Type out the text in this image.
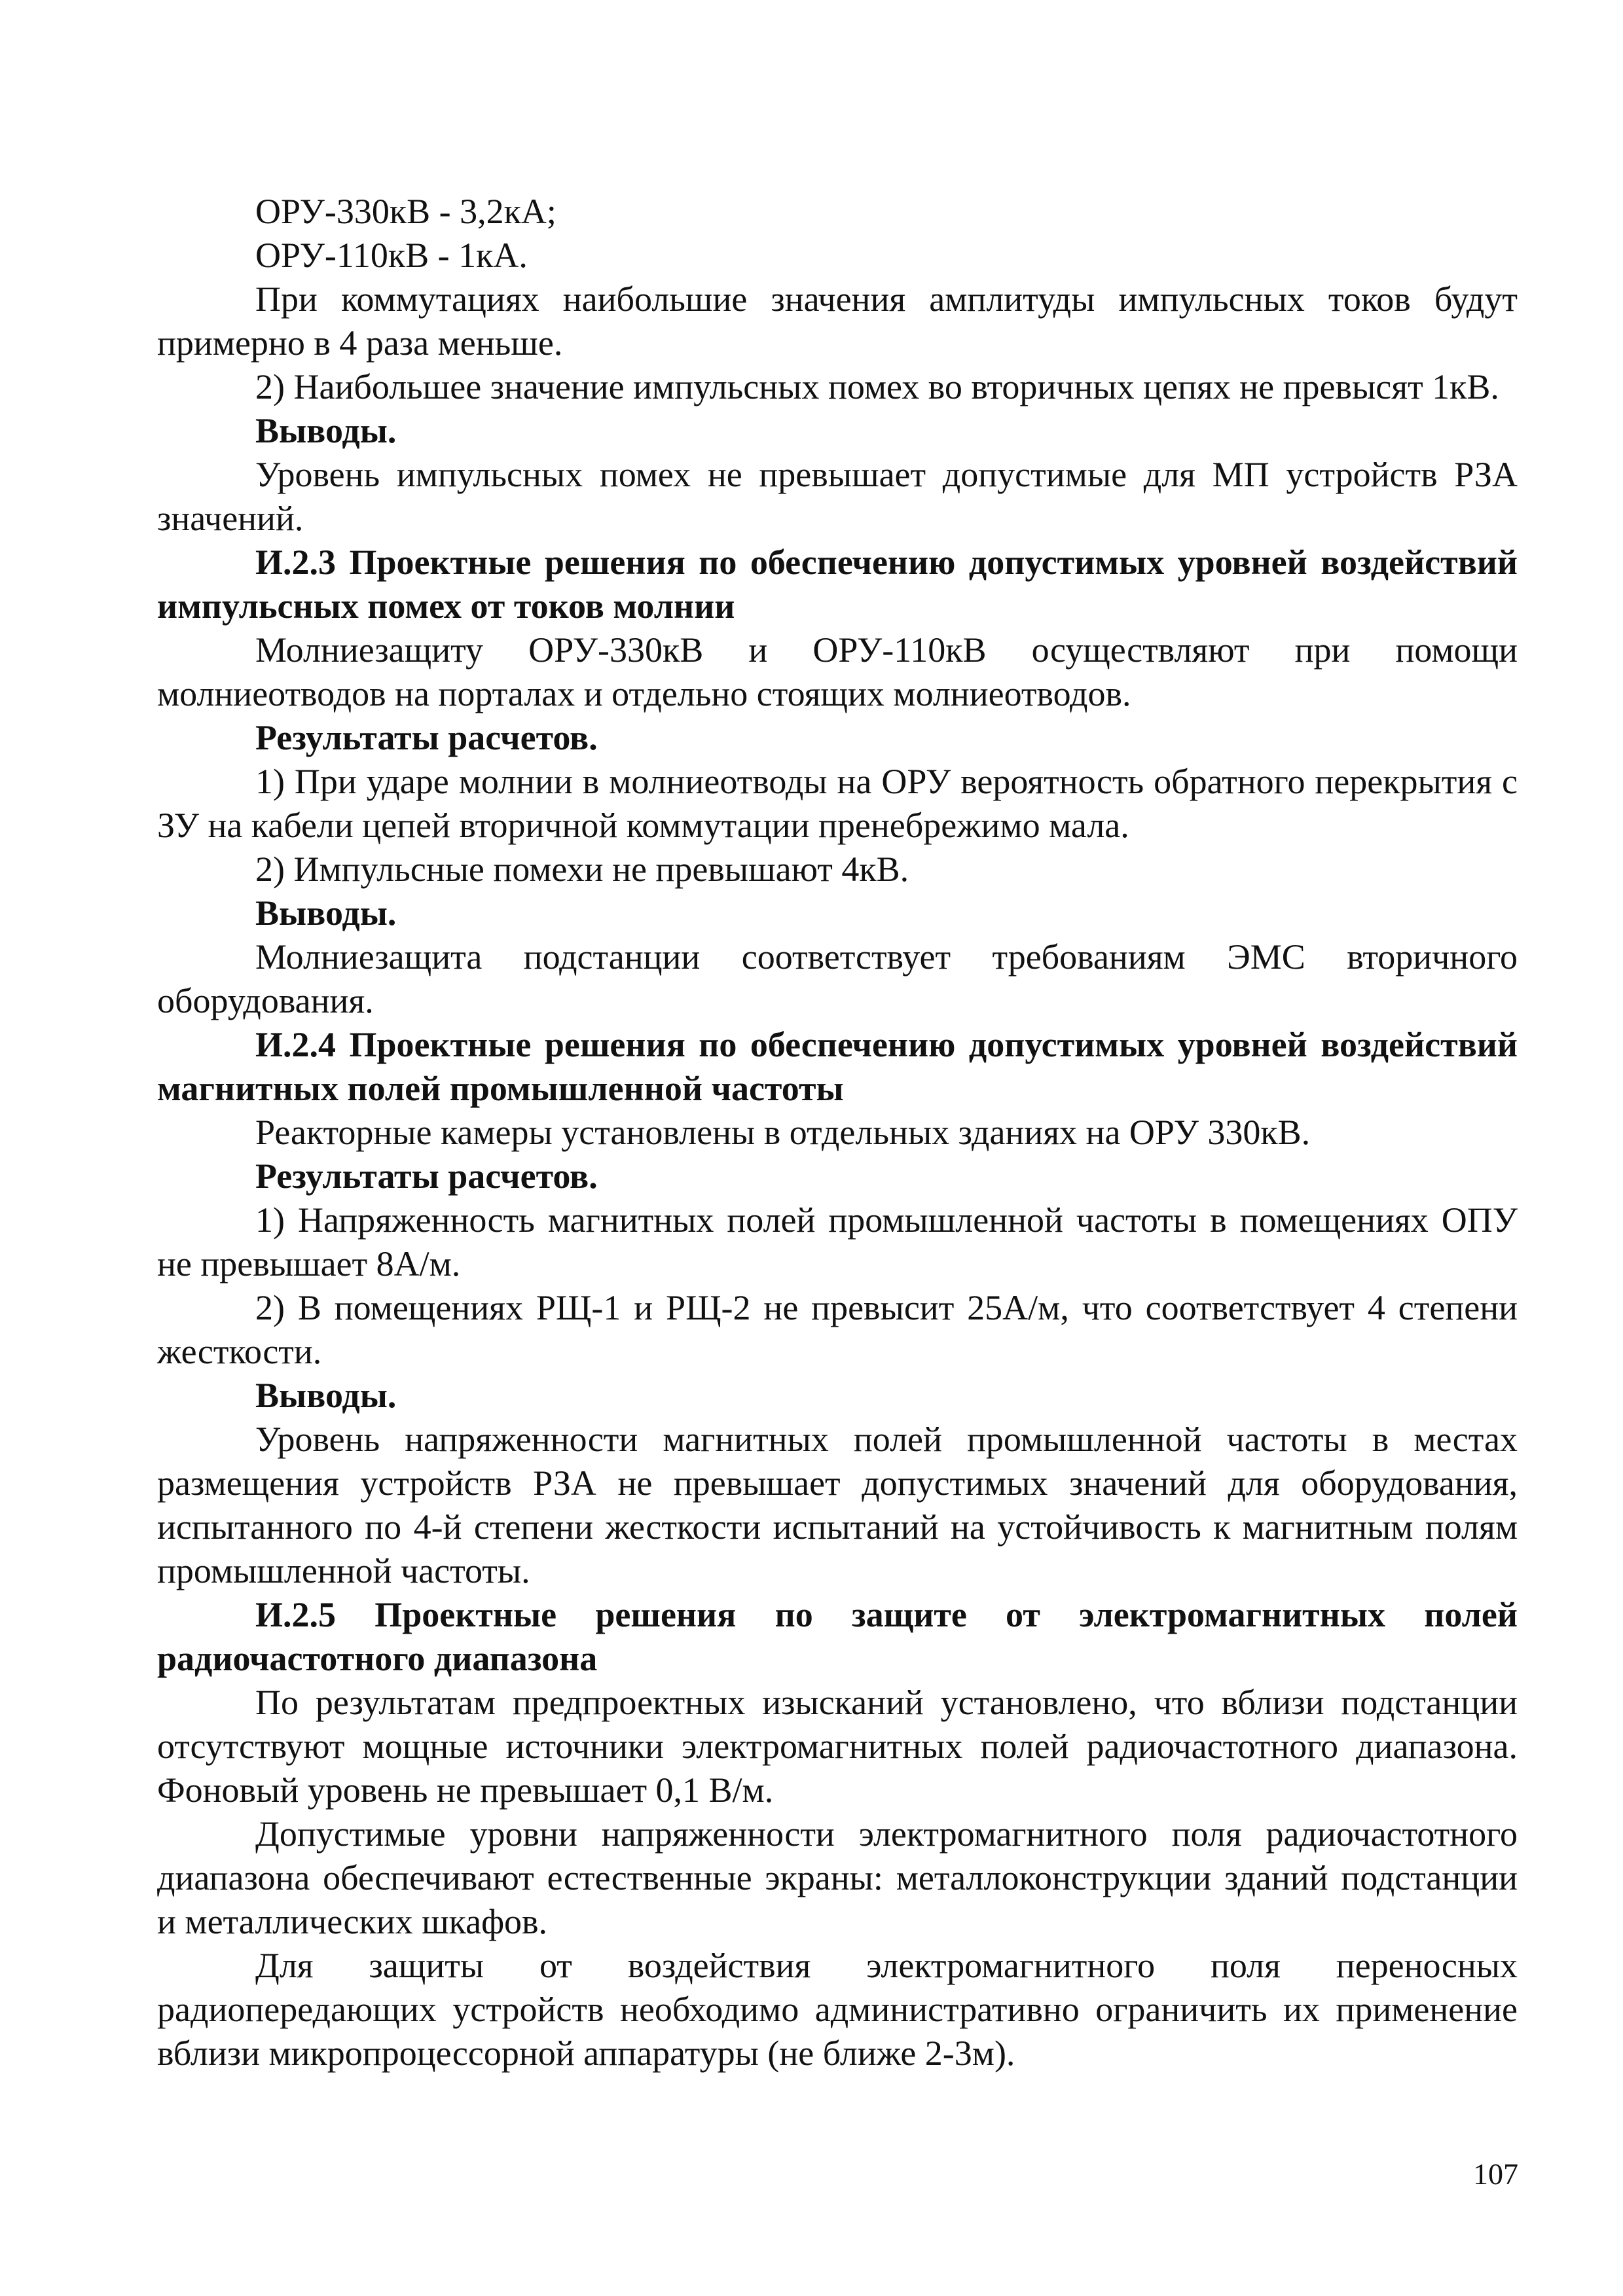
ОРУ-330кВ - 3,2кА;

ОРУ-110кВ - 1кА.

При коммутациях наибольшие значения амплитуды импульсных токов будут примерно в 4 раза меньше.

2) Наибольшее значение импульсных помех во вторичных цепях не превысят 1кВ.

Выводы.

Уровень импульсных помех не превышает допустимые для МП устройств РЗА значений.

И.2.3 Проектные решения по обеспечению допустимых уровней воздействий импульсных помех от токов молнии

Молниезащиту ОРУ-330кВ и ОРУ-110кВ осуществляют при помощи молниеотводов на порталах и отдельно стоящих молниеотводов.

Результаты расчетов.

1) При ударе молнии в молниеотводы на ОРУ вероятность обратного перекрытия с ЗУ на кабели цепей вторичной коммутации пренебрежимо мала.

2) Импульсные помехи не превышают 4кВ.

Выводы.

Молниезащита подстанции соответствует требованиям ЭМС вторичного оборудования.

И.2.4 Проектные решения по обеспечению допустимых уровней воздействий магнитных полей промышленной частоты

Реакторные камеры установлены в отдельных зданиях на ОРУ 330кВ.

Результаты расчетов.

1) Напряженность магнитных полей промышленной частоты в помещениях ОПУ не превышает 8А/м.

2) В помещениях РЩ-1 и РЩ-2 не превысит 25А/м, что соответствует 4 степени жесткости.

Выводы.

Уровень напряженности магнитных полей промышленной частоты в местах размещения устройств РЗА не превышает допустимых значений для оборудования, испытанного по 4-й степени жесткости испытаний на устойчивость к магнитным полям промышленной частоты.

И.2.5 Проектные решения по защите от электромагнитных полей радиочастотного диапазона

По результатам предпроектных изысканий установлено, что вблизи подстанции отсутствуют мощные источники электромагнитных полей радиочастотного диапазона. Фоновый уровень не превышает 0,1 В/м.

Допустимые уровни напряженности электромагнитного поля радиочастотного диапазона обеспечивают естественные экраны: металлоконструкции зданий подстанции и металлических шкафов.

Для защиты от воздействия электромагнитного поля переносных радиопередающих устройств необходимо административно ограничить их применение вблизи микропроцессорной аппаратуры (не ближе 2-3м).

107
